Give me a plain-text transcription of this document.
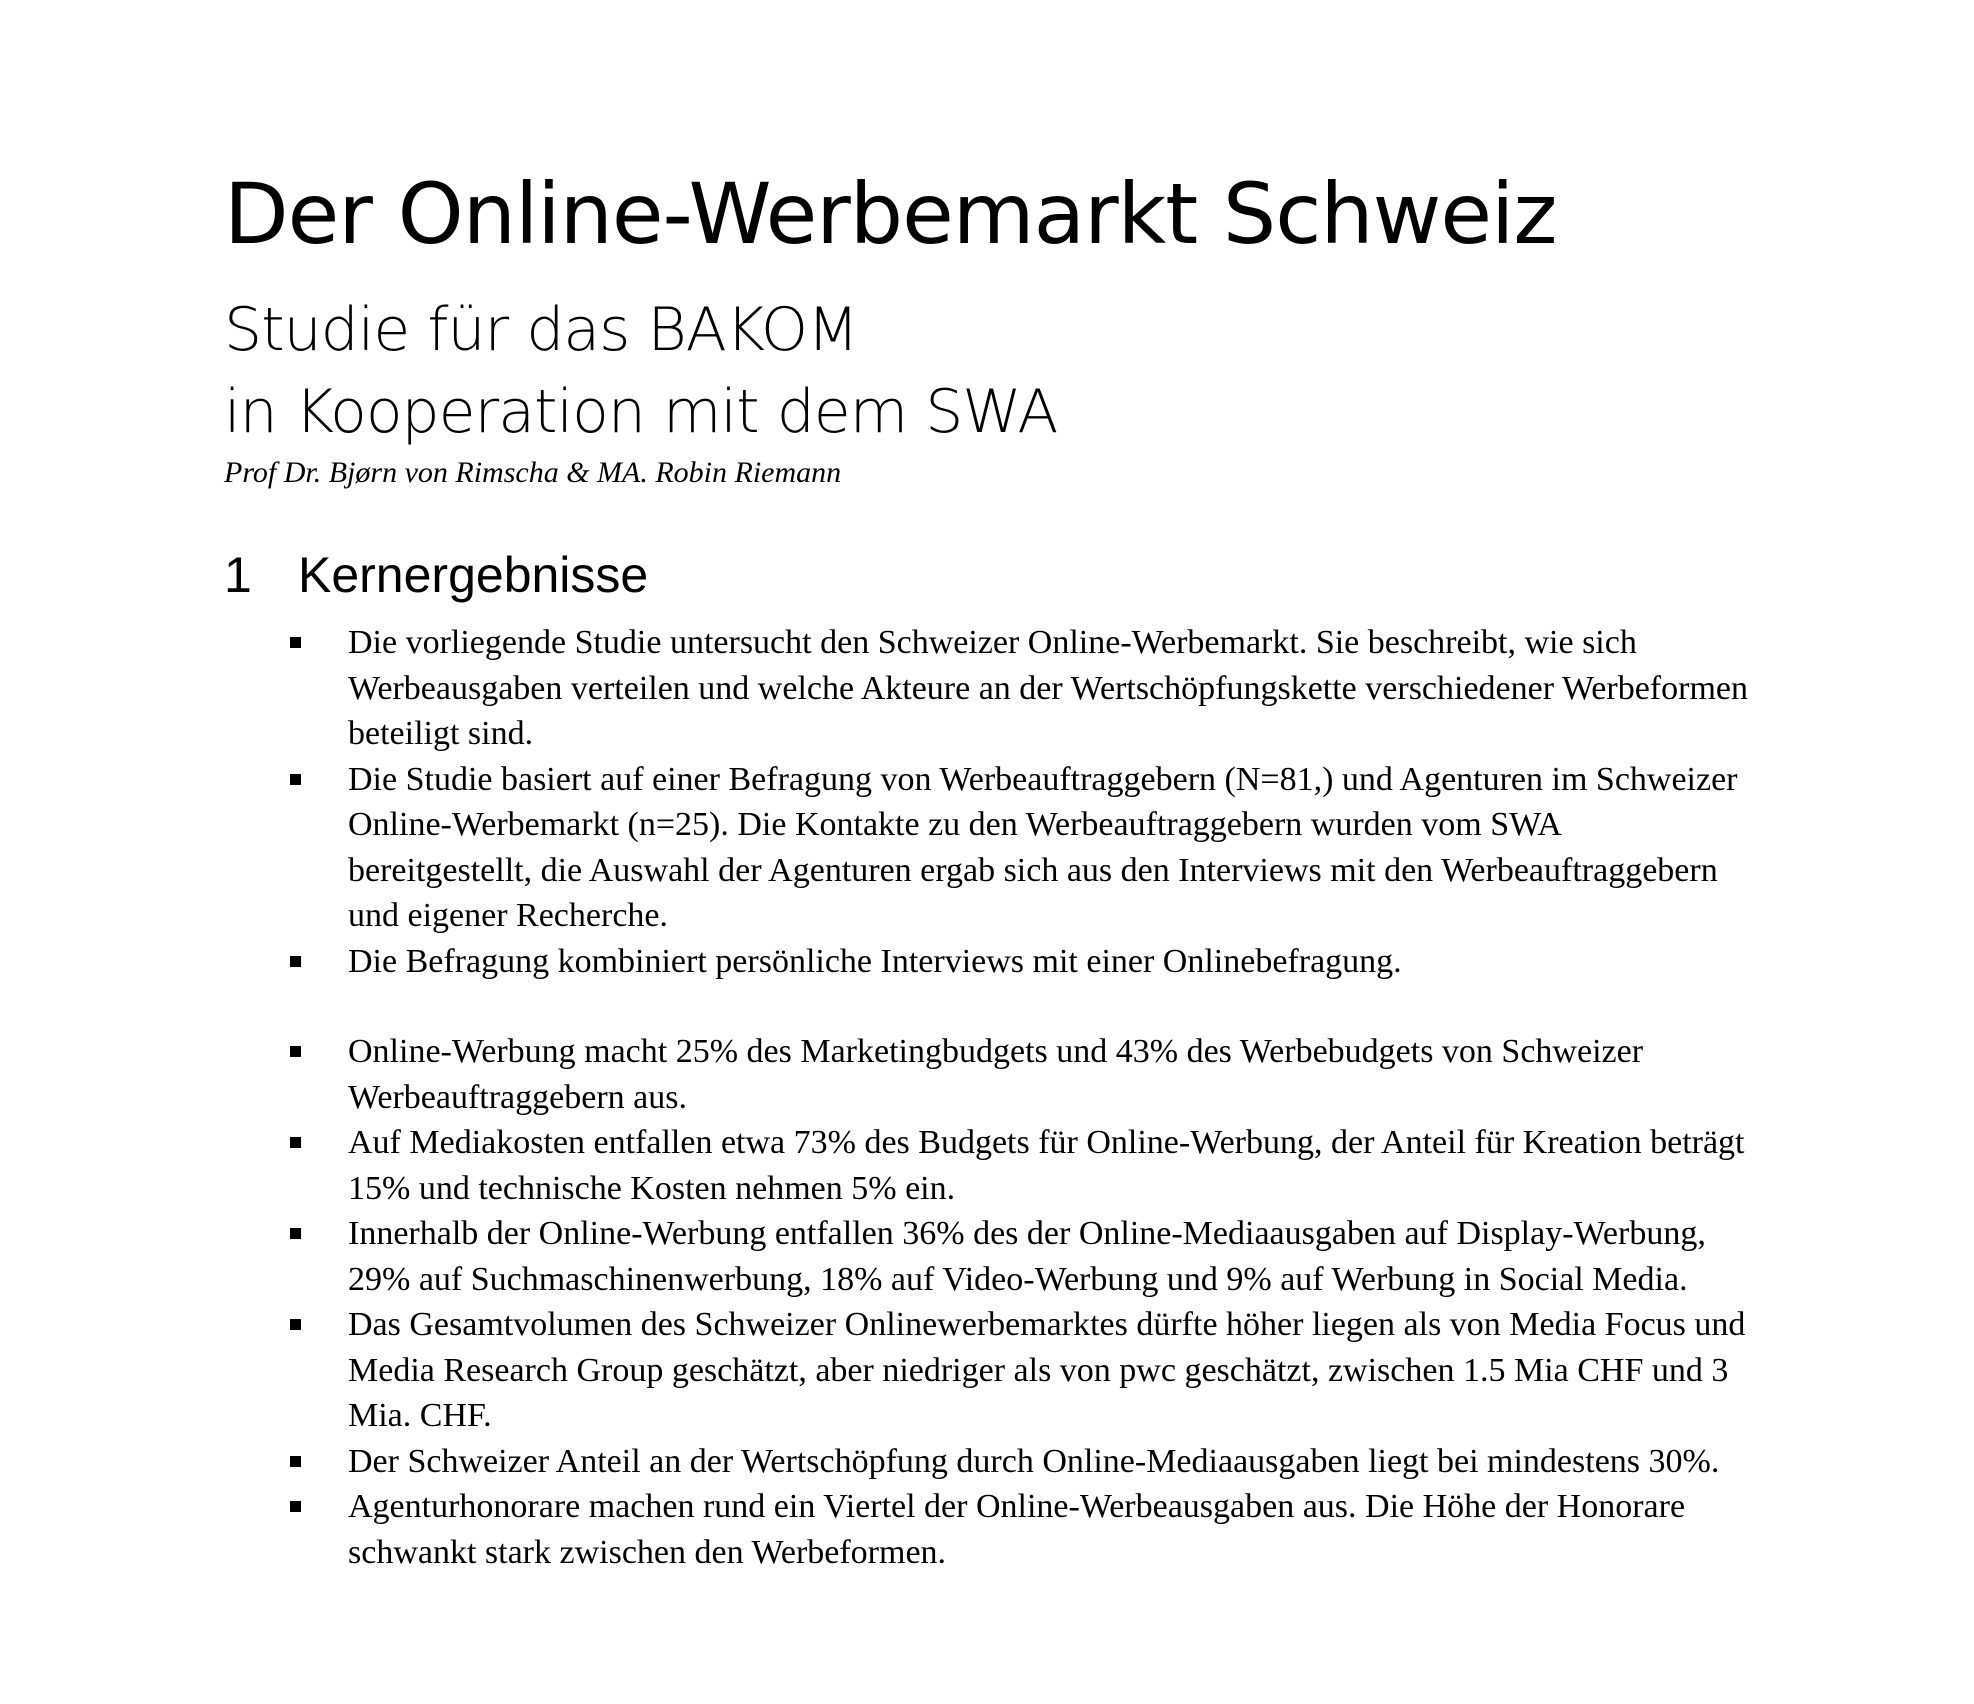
Der Online-Werbemarkt Schweiz
Studie für das BAKOM
in Kooperation mit dem SWA
Prof Dr. Bjørn von Rimscha & MA. Robin Riemann
1 Kernergebnisse
Die vorliegende Studie untersucht den Schweizer Online-Werbemarkt. Sie beschreibt, wie sich Werbeausgaben verteilen und welche Akteure an der Wertschöpfungskette verschiedener Werbeformen beteiligt sind.
Die Studie basiert auf einer Befragung von Werbeauftraggebern (N=81,) und Agenturen im Schweizer Online-Werbemarkt (n=25). Die Kontakte zu den Werbeauftraggebern wurden vom SWA bereitgestellt, die Auswahl der Agenturen ergab sich aus den Interviews mit den Werbeauftraggebern und eigener Recherche.
Die Befragung kombiniert persönliche Interviews mit einer Onlinebefragung.
Online-Werbung macht 25% des Marketingbudgets und 43% des Werbebudgets von Schweizer Werbeauftraggebern aus.
Auf Mediakosten entfallen etwa 73% des Budgets für Online-Werbung, der Anteil für Kreation beträgt 15% und technische Kosten nehmen 5% ein.
Innerhalb der Online-Werbung entfallen 36% des der Online-Mediaausgaben auf Display-Werbung, 29% auf Suchmaschinenwerbung, 18% auf Video-Werbung und 9% auf Werbung in Social Media.
Das Gesamtvolumen des Schweizer Onlinewerbemarktes dürfte höher liegen als von Media Focus und Media Research Group geschätzt, aber niedriger als von pwc geschätzt, zwischen 1.5 Mia CHF und 3 Mia. CHF.
Der Schweizer Anteil an der Wertschöpfung durch Online-Mediaausgaben liegt bei mindestens 30%.
Agenturhonorare machen rund ein Viertel der Online-Werbeausgaben aus. Die Höhe der Honorare schwankt stark zwischen den Werbeformen.
